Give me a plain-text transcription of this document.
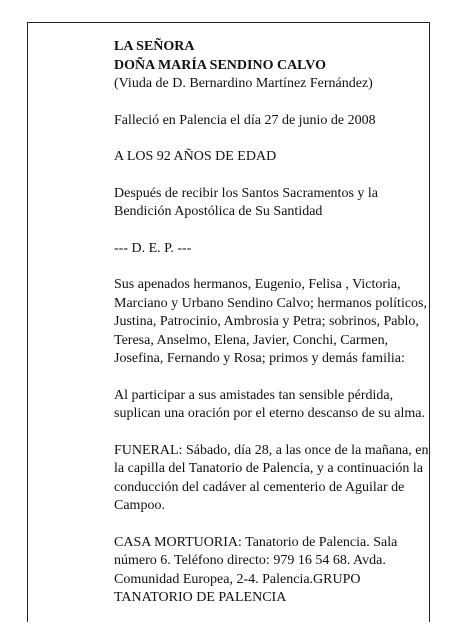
LA SEÑORA
DOÑA MARÍA SENDINO CALVO
(Viuda de D. Bernardino Martínez Fernández)

Falleció en Palencia el día 27 de junio de 2008

A LOS 92 AÑOS DE EDAD

Después de recibir los Santos Sacramentos y la
Bendición Apostólica de Su Santidad

--- D. E. P. ---

Sus apenados hermanos, Eugenio, Felisa , Victoria,
Marciano y Urbano Sendino Calvo; hermanos políticos,
Justina, Patrocinio, Ambrosia y Petra; sobrinos, Pablo,
Teresa, Anselmo, Elena, Javier, Conchi, Carmen,
Josefina, Fernando y Rosa; primos y demás familia:

Al participar a sus amistades tan sensible pérdida,
suplican una oración por el eterno descanso de su alma.

FUNERAL: Sábado, día 28, a las once de la mañana, en
la capilla del Tanatorio de Palencia, y a continuación la
conducción del cadáver al cementerio de Aguilar de
Campoo.

CASA MORTUORIA: Tanatorio de Palencia. Sala
número 6. Teléfono directo: 979 16 54 68. Avda.
Comunidad Europea, 2-4. Palencia.GRUPO
TANATORIO DE PALENCIA
